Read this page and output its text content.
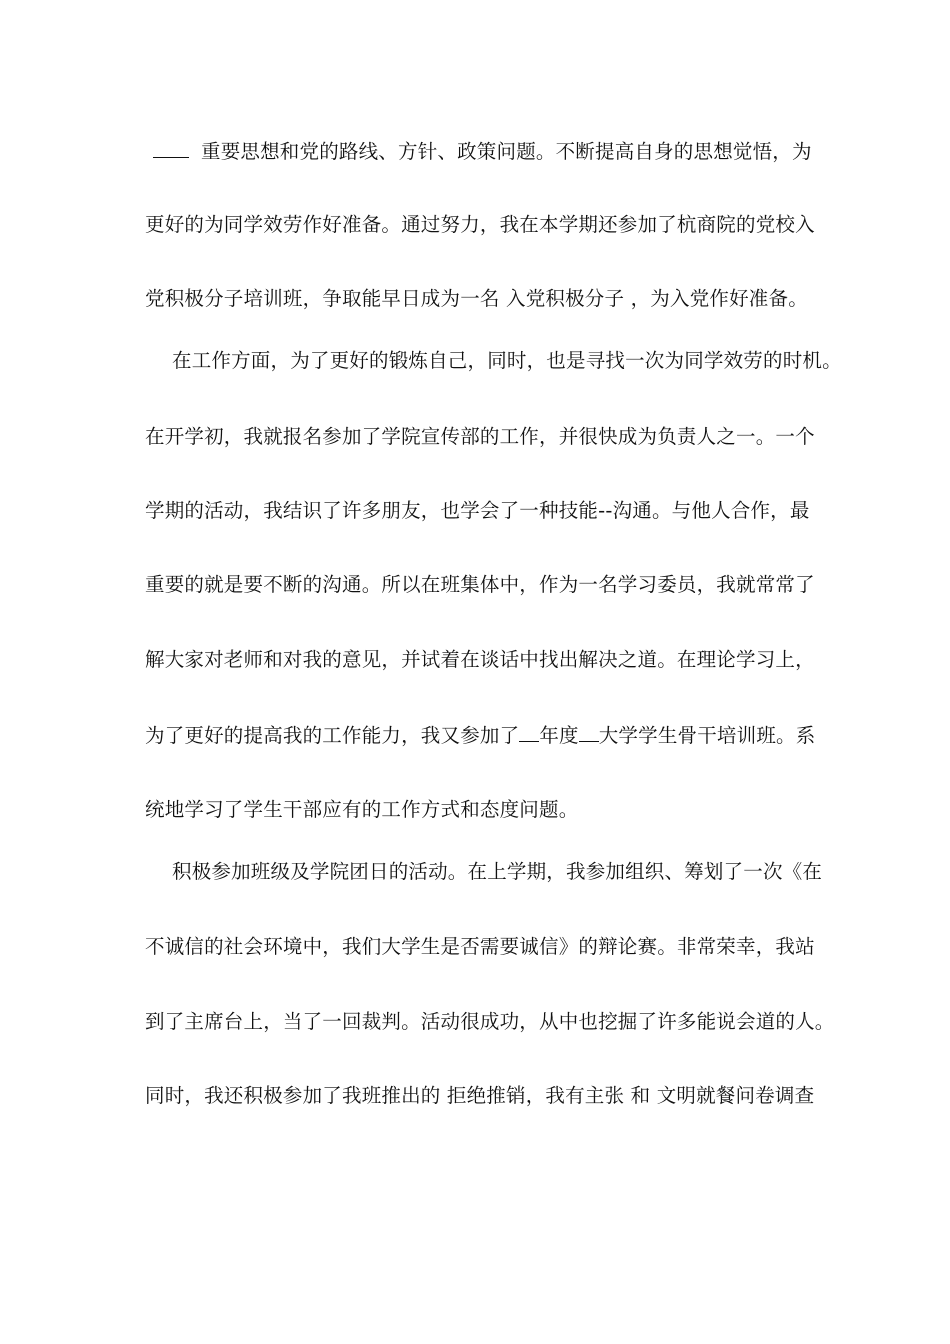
重要思想和党的路线、方针、政策问题。不断提高自身的思想觉悟，为
更好的为同学效劳作好准备。通过努力，我在本学期还参加了杭商院的党校入
党积极分子培训班，争取能早日成为一名 入党积极分子 ，为入党作好准备。
在工作方面，为了更好的锻炼自己，同时，也是寻找一次为同学效劳的时机。
在开学初，我就报名参加了学院宣传部的工作，并很快成为负责人之一。一个
学期的活动，我结识了许多朋友，也学会了一种技能--沟通。与他人合作，最
重要的就是要不断的沟通。所以在班集体中，作为一名学习委员，我就常常了
解大家对老师和对我的意见，并试着在谈话中找出解决之道。在理论学习上，
为了更好的提高我的工作能力，我又参加了 年度 大学学生骨干培训班。系
统地学习了学生干部应有的工作方式和态度问题。
积极参加班级及学院团日的活动。在上学期，我参加组织、筹划了一次《在
不诚信的社会环境中，我们大学生是否需要诚信》的辩论赛。非常荣幸，我站
到了主席台上，当了一回裁判。活动很成功，从中也挖掘了许多能说会道的人。
同时，我还积极参加了我班推出的 拒绝推销，我有主张 和 文明就餐问卷调查
